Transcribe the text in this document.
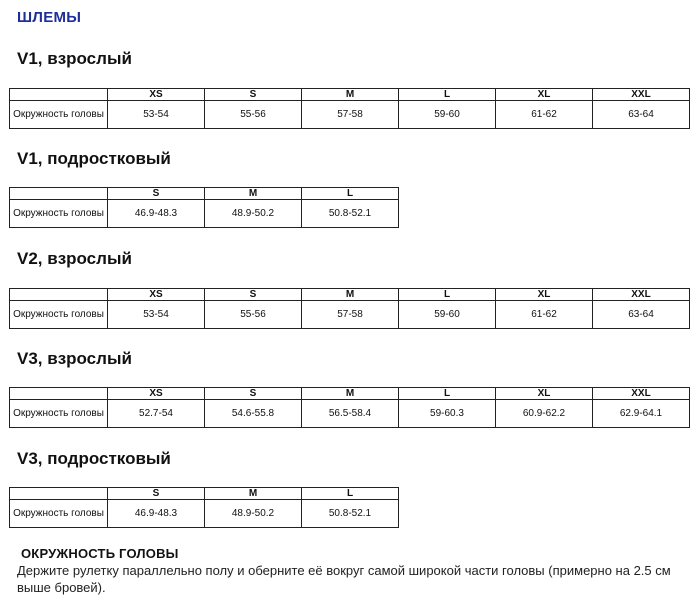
ШЛЕМЫ
V1, взрослый
	XS	S	M	L	XL	XXL
Окружность головы	53-54	55-56	57-58	59-60	61-62	63-64
V1, подростковый
	S	M	L
Окружность головы	46.9-48.3	48.9-50.2	50.8-52.1
V2, взрослый
	XS	S	M	L	XL	XXL
Окружность головы	53-54	55-56	57-58	59-60	61-62	63-64
V3, взрослый
	XS	S	M	L	XL	XXL
Окружность головы	52.7-54	54.6-55.8	56.5-58.4	59-60.3	60.9-62.2	62.9-64.1
V3, подростковый
	S	M	L
Окружность головы	46.9-48.3	48.9-50.2	50.8-52.1
ОКРУЖНОСТЬ ГОЛОВЫ
Держите рулетку параллельно полу и оберните её вокруг самой широкой части головы (примерно на 2.5 см выше бровей).
